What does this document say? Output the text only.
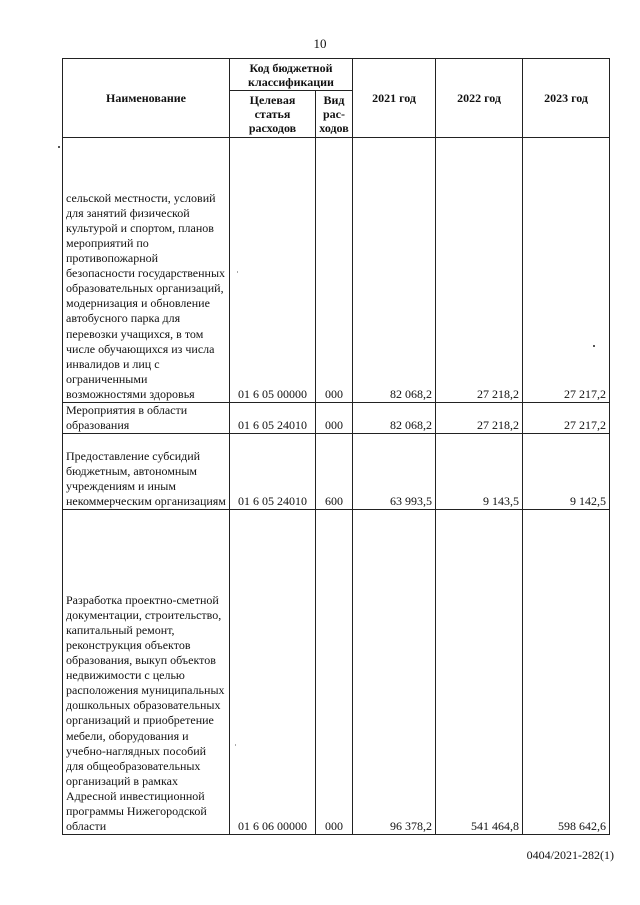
10
Наименование	Код бюджетной классификации		2021 год	2022 год	2023 год
	Целевая статья расходов	Вид рас-ходов			
сельской местности, условий для занятий физической культурой и спортом, планов мероприятий по противопожарной безопасности государственных образовательных организаций, модернизация и обновление автобусного парка для перевозки учащихся, в том числе обучающихся из числа инвалидов и лиц с ограниченными возможностями здоровья	01 6 05 00000	000	82 068,2	27 218,2	27 217,2
Мероприятия в области образования	01 6 05 24010	000	82 068,2	27 218,2	27 217,2
Предоставление субсидий бюджетным, автономным учреждениям и иным некоммерческим организациям	01 6 05 24010	600	63 993,5	9 143,5	9 142,5
Разработка проектно-сметной документации, строительство, капитальный ремонт, реконструкция объектов образования, выкуп объектов недвижимости с целью расположения муниципальных дошкольных образовательных организаций и приобретение мебели, оборудования и учебно-наглядных пособий для общеобразовательных организаций в рамках Адресной инвестиционной программы Нижегородской области	01 6 06 00000	000	96 378,2	541 464,8	598 642,6
0404/2021-282(1)
